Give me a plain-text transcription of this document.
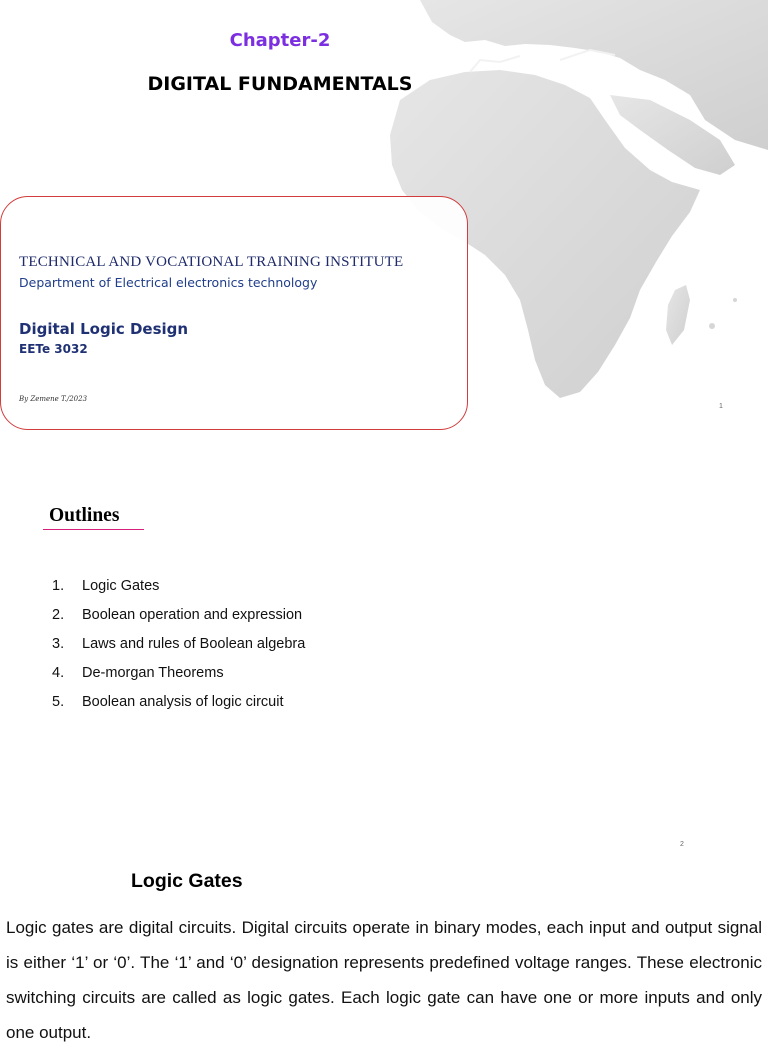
Chapter-2
DIGITAL FUNDAMENTALS
TECHNICAL AND VOCATIONAL TRAINING INSTITUTE
Department of Electrical electronics technology
Digital Logic Design
EETe 3032
By Zemene T./2023
1
Outlines
1. Logic Gates
2. Boolean operation and expression
3. Laws and rules of Boolean algebra
4. De-morgan Theorems
5. Boolean analysis of logic circuit
2
Logic Gates

Logic gates are digital circuits. Digital circuits operate in binary modes, each input and output signal is either ‘1’ or ‘0’. The ‘1’ and ‘0’ designation represents predefined voltage ranges. These electronic switching circuits are called as logic gates. Each logic gate can have one or more inputs and only one output.
